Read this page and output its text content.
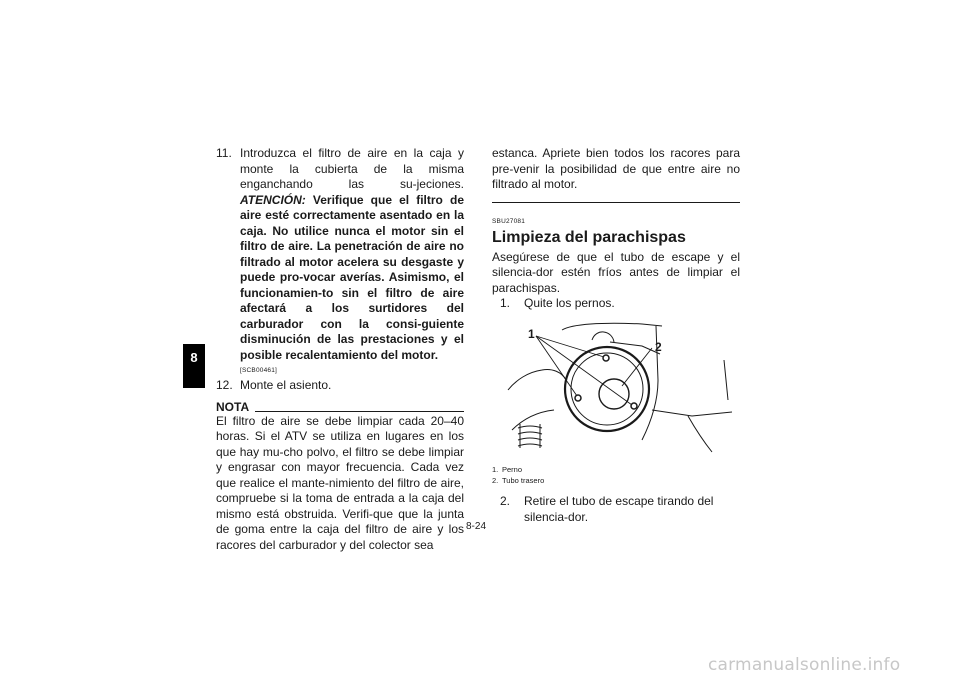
8
11. Introduzca el filtro de aire en la caja y monte la cubierta de la misma enganchando las su-jeciones. ATENCIÓN: Verifique que el filtro de aire esté correctamente asentado en la caja. No utilice nunca el motor sin el filtro de aire. La penetración de aire no filtrado al motor acelera su desgaste y puede pro-vocar averías. Asimismo, el funcionamien-to sin el filtro de aire afectará a los surtidores del carburador con la consi-guiente disminución de las prestaciones y el posible recalentamiento del motor.
[SCB00461]
12. Monte el asiento.
NOTA
El filtro de aire se debe limpiar cada 20–40 horas. Si el ATV se utiliza en lugares en los que hay mu-cho polvo, el filtro se debe limpiar y engrasar con mayor frecuencia. Cada vez que realice el mante-nimiento del filtro de aire, compruebe si la toma de entrada a la caja del mismo está obstruida. Verifi-que que la junta de goma entre la caja del filtro de aire y los racores del carburador y del colector sea
estanca. Apriete bien todos los racores para pre-venir la posibilidad de que entre aire no filtrado al motor.
SBU27081
Limpieza del parachispas
Asegúrese de que el tubo de escape y el silencia-dor estén fríos antes de limpiar el parachispas.
1. Quite los pernos.
1
2
1. Perno
2. Tubo trasero
2. Retire el tubo de escape tirando del silencia-dor.
8-24
carmanualsonline.info
